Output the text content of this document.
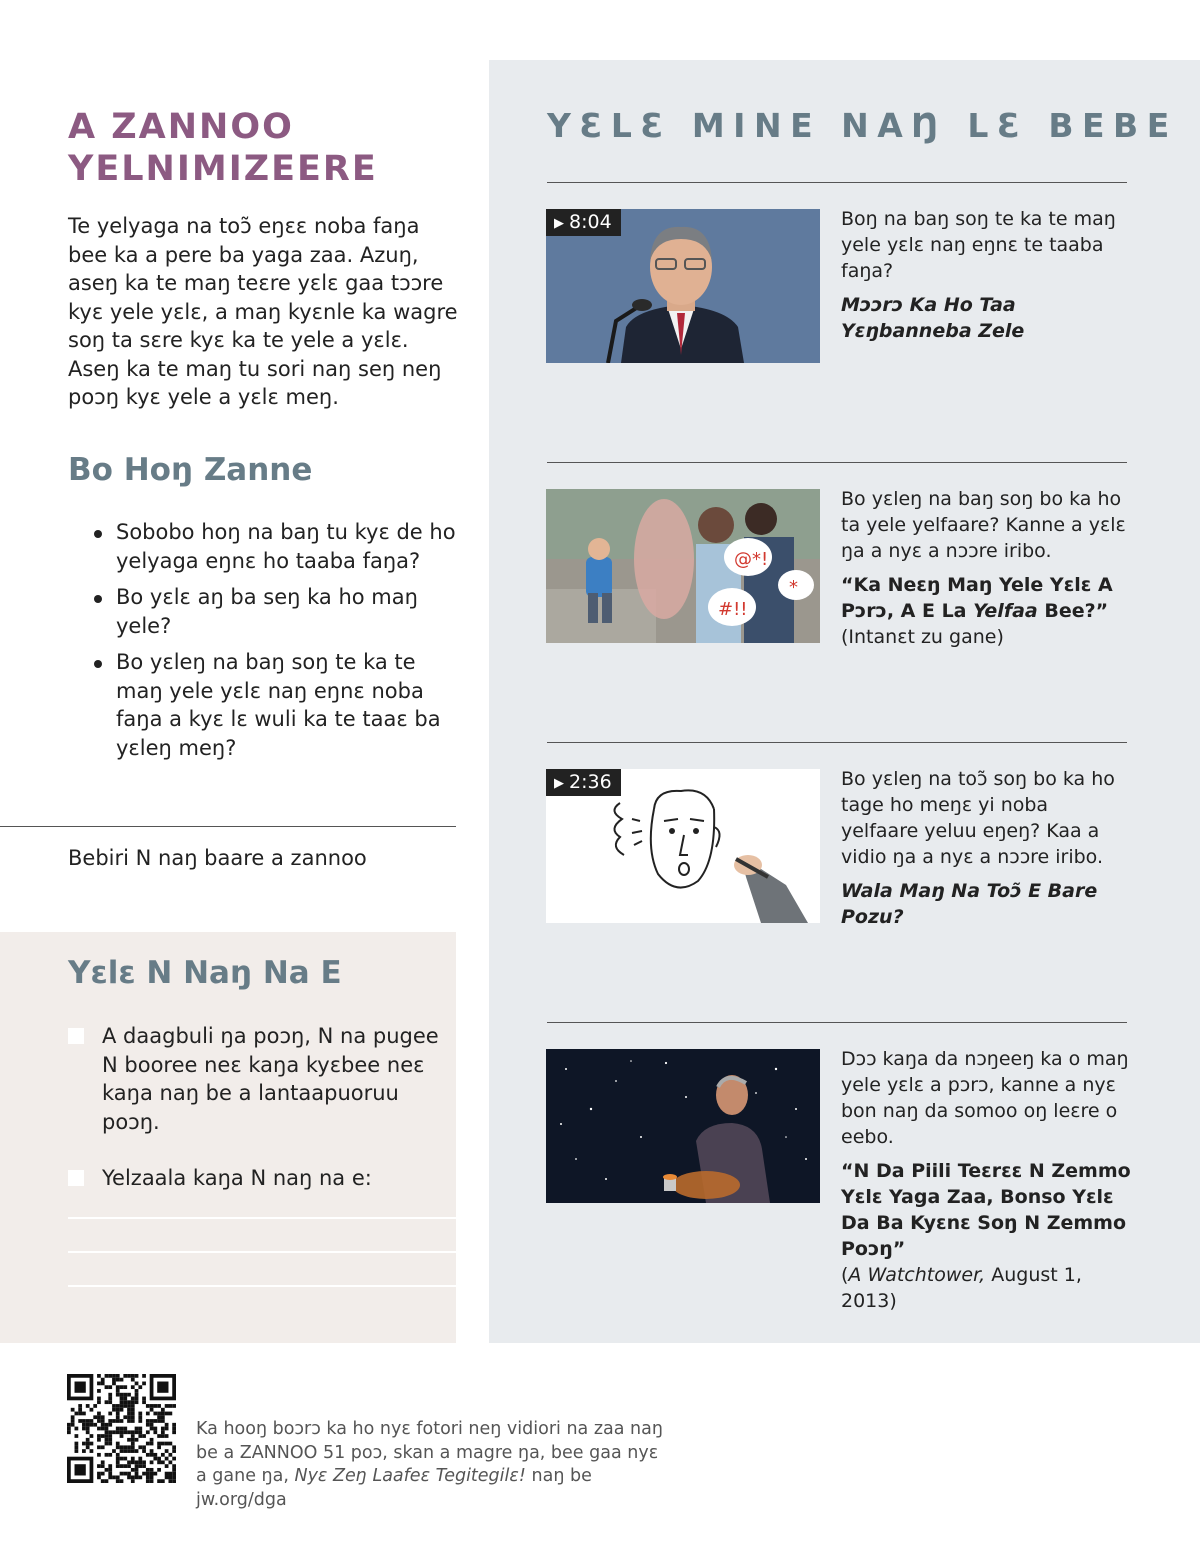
A ZANNOO YELNIMIZEERE

Te yelyaga na toɔ̃ eŋɛɛ noba faŋa bee ka a pere ba yaga zaa. Azuŋ, aseŋ ka te maŋ teɛre yɛlɛ gaa tɔɔre kyɛ yele yɛlɛ, a maŋ kyɛnle ka wagre soŋ ta sɛre kyɛ ka te yele a yɛlɛ. Aseŋ ka te maŋ tu sori naŋ seŋ neŋ poɔŋ kyɛ yele a yɛlɛ meŋ.

Bo Hoŋ Zanne
Sobobo hoŋ na baŋ tu kyɛ de ho yelyaga eŋnɛ ho taaba faŋa?
Bo yɛlɛ aŋ ba seŋ ka ho maŋ yele?
Bo yɛleŋ na baŋ soŋ te ka te maŋ yele yɛlɛ naŋ eŋnɛ noba faŋa a kyɛ lɛ wuli ka te taaɛ ba yɛleŋ meŋ?
Bebiri N naŋ baare a zannoo
Yɛlɛ N Naŋ Na E
A daagbuli ŋa poɔŋ, N na pugee N booree neɛ kaŋa kyɛbee neɛ kaŋa naŋ be a lantaapuoruu poɔŋ.
Yelzaala kaŋa N naŋ na e:
YƐLƐ MINE NAŊ LƐ BEBE
▶ 8:04	Boŋ na baŋ soŋ te ka te maŋ yele yɛlɛ naŋ eŋnɛ te taaba faŋa?

Mɔɔrɔ Ka Ho Taa Yɛŋbanneba Zele

@*!
#!!
*

Bo yɛleŋ na baŋ soŋ bo ka ho ta yele yelfaare? Kanne a yɛlɛ ŋa a nyɛ a nɔɔre iribo.

“Ka Neɛŋ Maŋ Yele Yɛlɛ A Pɔrɔ, A E La Yelfaa Bee?”

(Intanɛt zu gane)

▶ 2:36	Bo yɛleŋ na toɔ̃ soŋ bo ka ho tage ho meŋɛ yi noba yelfaare yeluu eŋeŋ? Kaa a vidio ŋa a nyɛ a nɔɔre iribo.

Wala Maŋ Na Toɔ̃ E Bare Pozu?

Dɔɔ kaŋa da nɔŋeeŋ ka o maŋ yele yɛlɛ a pɔrɔ, kanne a nyɛ bon naŋ da somoo oŋ leɛre o eebo.

“N Da Piili Teɛrɛɛ N Zemmo Yɛlɛ Yaga Zaa, Bonso Yɛlɛ Da Ba Kyɛnɛ Soŋ N Zemmo Poɔŋ”

(A Watchtower, August 1, 2013)

Ka hooŋ boɔrɔ ka ho nyɛ fotori neŋ vidiori na zaa naŋ be a ZANNOO 51 poɔ, skan a magre ŋa, bee gaa nyɛ a gane ŋa, Nyɛ Zeŋ Laafeɛ Tegitegilɛ! naŋ be jw.org/dga
